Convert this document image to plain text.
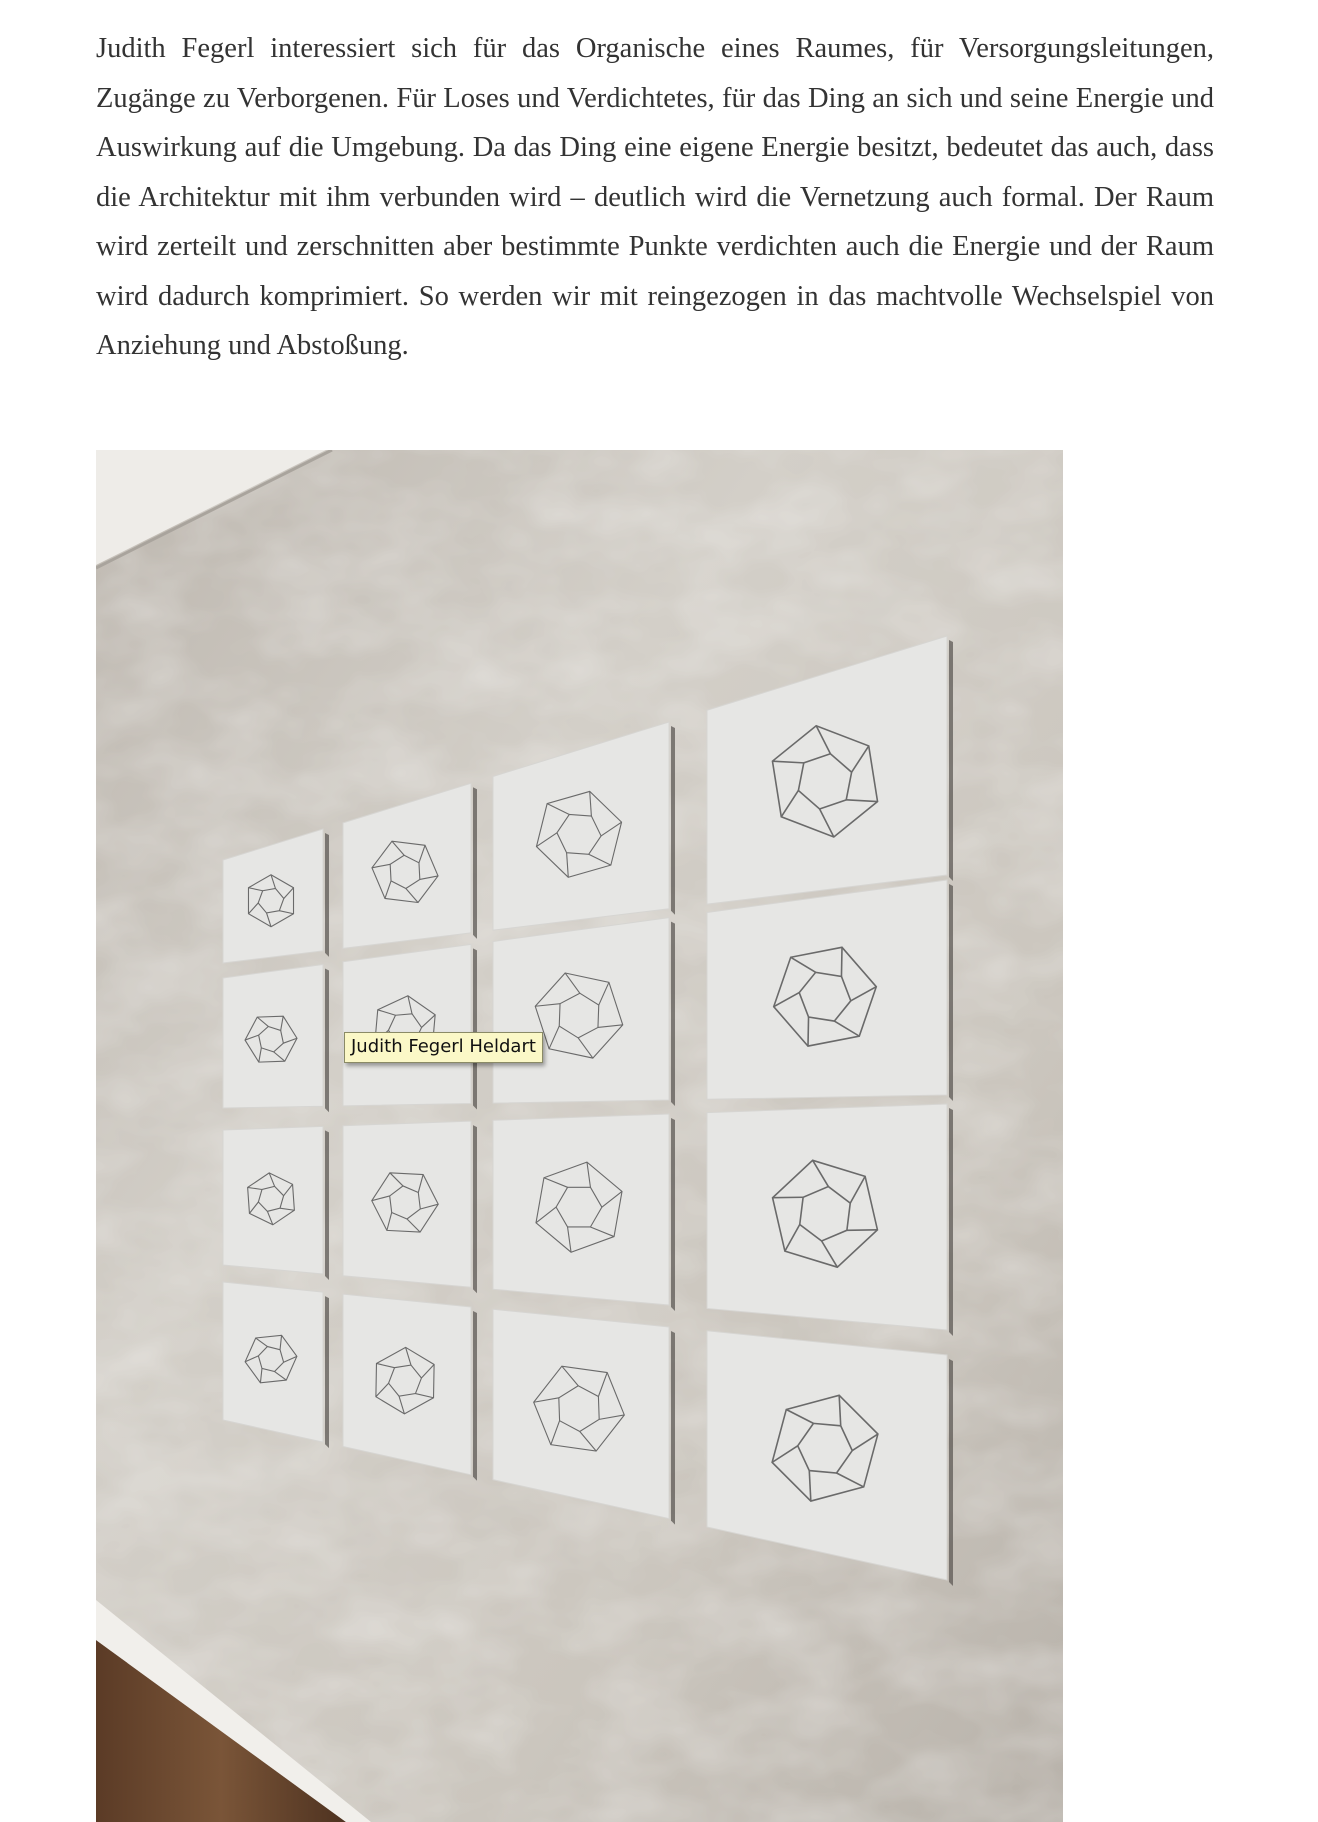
Judith Fegerl interessiert sich für das Organische eines Raumes, für Versorgungsleitungen, Zugänge zu Verborgenen. Für Loses und Verdichtetes, für das Ding an sich und seine Energie und Auswirkung auf die Umgebung. Da das Ding eine eigene Energie besitzt, bedeutet das auch, dass die Architektur mit ihm verbunden wird – deutlich wird die Vernetzung auch formal. Der Raum wird zerteilt und zerschnitten aber bestimmte Punkte verdichten auch die Energie und der Raum wird dadurch komprimiert. So werden wir mit reingezogen in das machtvolle Wechselspiel von Anziehung und Abstoßung.

Judith Fegerl Heldart
